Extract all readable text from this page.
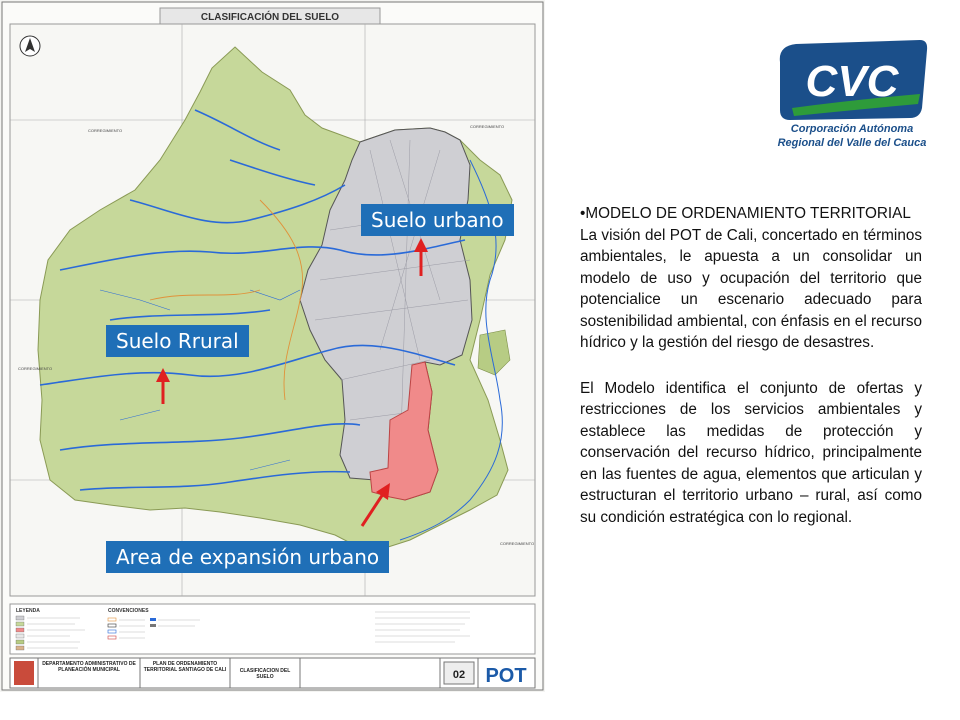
CLASIFICACIÓN DEL SUELO
CORREGIMIENTO
CORREGIMIENTO
CORREGIMIENTO
CORREGIMIENTO
LEYENDA	CONVENCIONES
DEPARTAMENTO ADMINISTRATIVO DE PLANEACIÓN MUNICIPAL
PLAN DE ORDENAMIENTO TERRITORIAL SANTIAGO DE CALI	CLASIFICACIÓN DEL SUELO	02 POT
Suelo urbano
Suelo Rrural
Area de expansión urbano
CVC
Corporación Autónoma
Regional del Valle del Cauca

•MODELO DE ORDENAMIENTO TERRITORIAL

La visión del POT de Cali, concertado en términos ambientales, le apuesta a un consolidar un modelo de uso y ocupación del territorio que potencialice un escenario adecuado para sostenibilidad ambiental, con énfasis en el recurso hídrico y la gestión del riesgo de desastres.

El Modelo identifica el conjunto de ofertas y restricciones de los servicios ambientales y establece las medidas de protección y conservación del recurso hídrico, principalmente en las fuentes de agua, elementos que articulan y estructuran el territorio urbano – rural, así como su condición estratégica con lo regional.
